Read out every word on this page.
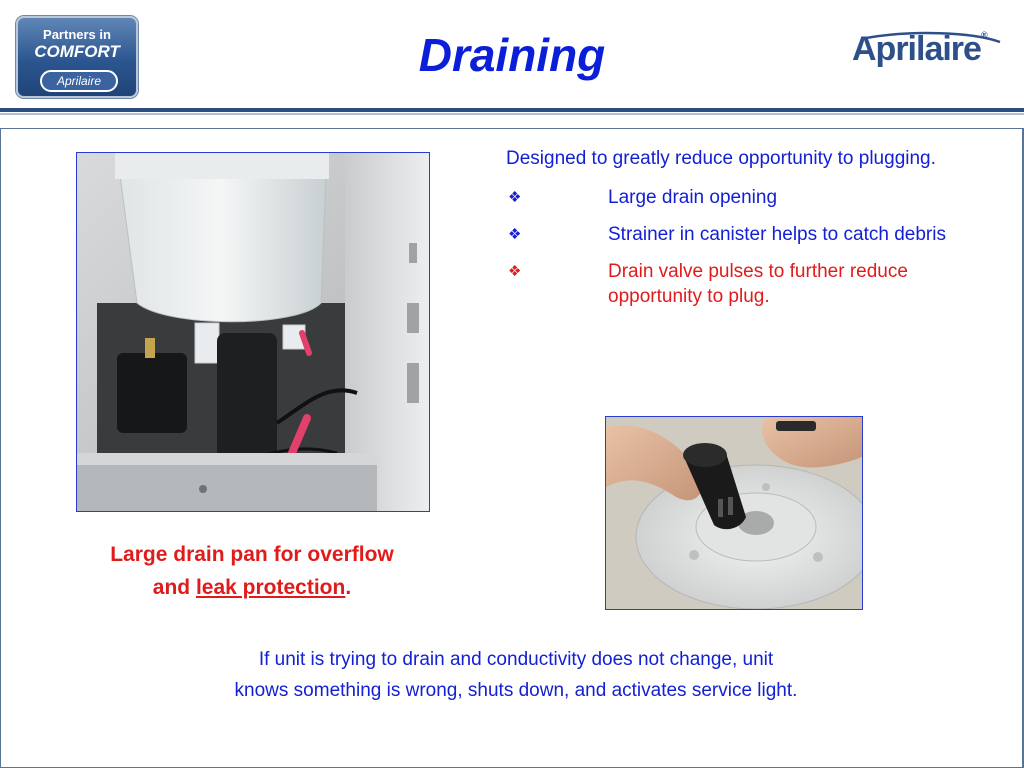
Partners in
COMFORT
Aprilaire	Draining	Aprilaire®
Large drain pan for overflow
and leak protection.
Designed to greatly reduce opportunity to plugging.
❖	Large drain opening
❖	Strainer in canister helps to catch debris
❖	Drain valve pulses to further reduce opportunity to plug.
If unit is trying to drain and conductivity does not change, unit
knows something is wrong, shuts down, and activates service light.
